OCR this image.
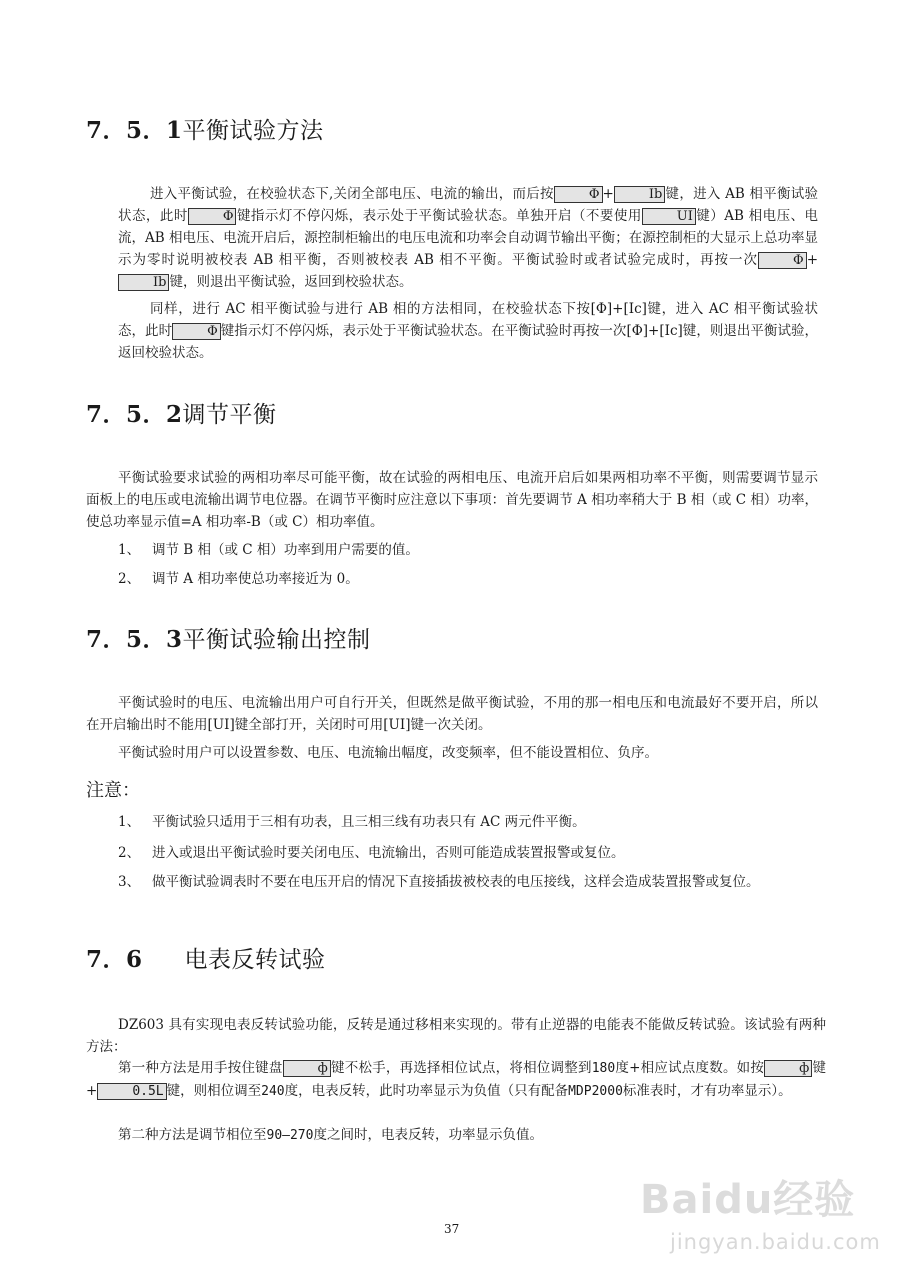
7．5．1平衡试验方法

进入平衡试验，在校验状态下,关闭全部电压、电流的输出，而后按	Φ +	Ib 键，进入 AB 相平衡试验状态，此时	Φ 键指示灯不停闪烁，表示处于平衡试验状态。单独开启（不要使用	UI 键）AB 相电压、电流，AB 相电压、电流开启后，源控制柜输出的电压电流和功率会自动调节输出平衡；在源控制柜的大显示上总功率显示为零时说明被校表 AB 相平衡，否则被校表 AB 相不平衡。平衡试验时或者试验完成时，再按一次	Φ +Ib 键，则退出平衡试验，返回到校验状态。

同样，进行 AC 相平衡试验与进行 AB 相的方法相同，在校验状态下按[Φ]+[Ic]键，进入 AC 相平衡试验状态，此时	Φ 键指示灯不停闪烁，表示处于平衡试验状态。在平衡试验时再按一次[Φ]+[Ic]键，则退出平衡试验，返回校验状态。

7．5．2调节平衡

平衡试验要求试验的两相功率尽可能平衡，故在试验的两相电压、电流开启后如果两相功率不平衡，则需要调节显示面板上的电压或电流输出调节电位器。在调节平衡时应注意以下事项：首先要调节 A 相功率稍大于 B 相（或 C 相）功率，使总功率显示值=A 相功率-B（或 C）相功率值。

1、 调节 B 相（或 C 相）功率到用户需要的值。
2、 调节 A 相功率使总功率接近为 0。
7．5．3平衡试验输出控制

平衡试验时的电压、电流输出用户可自行开关，但既然是做平衡试验，不用的那一相电压和电流最好不要开启，所以在开启输出时不能用[UI]键全部打开，关闭时可用[UI]键一次关闭。

平衡试验时用户可以设置参数、电压、电流输出幅度，改变频率，但不能设置相位、负序。

注意：
1、 平衡试验只适用于三相有功表，且三相三线有功表只有 AC 两元件平衡。
2、 进入或退出平衡试验时要关闭电压、电流输出，否则可能造成装置报警或复位。
3、 做平衡试验调表时不要在电压开启的情况下直接插拔被校表的电压接线，这样会造成装置报警或复位。
7．6 电表反转试验

DZ603 具有实现电表反转试验功能，反转是通过移相来实现的。带有止逆器的电能表不能做反转试验。该试验有两种方法：

第一种方法是用手按住键盘	ф 键不松手，再选择相位试点，将相位调整到180度+相应试点度数。如按	ф 键+	0.5L 键，则相位调至240度，电表反转，此时功率显示为负值（只有配备MDP2000标准表时，才有功率显示）。

第二种方法是调节相位至90–270度之间时，电表反转，功率显示负值。

37
Baidu经验
jingyan.baidu.com
